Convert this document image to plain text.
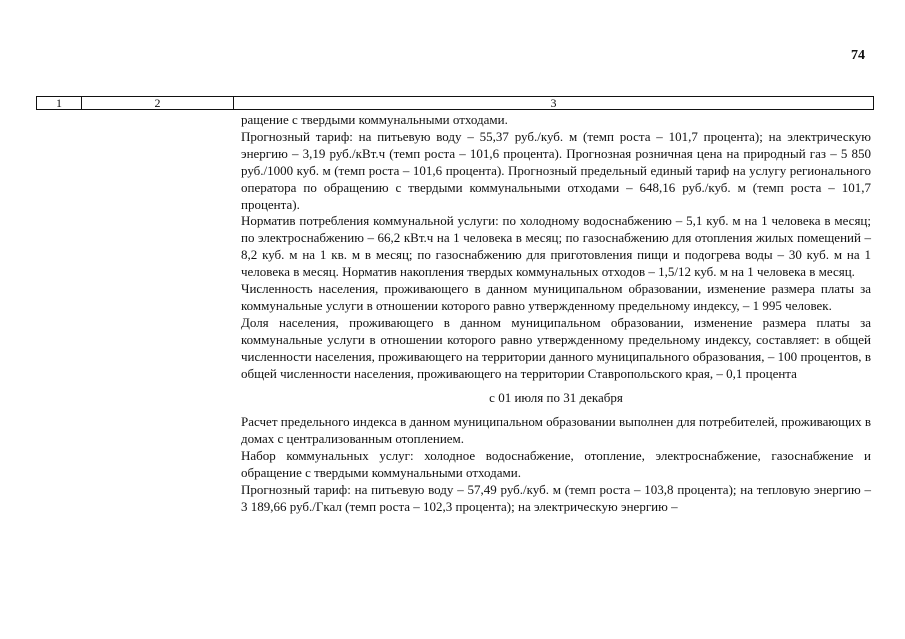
74
1	2	3

ращение с твердыми коммунальными отходами.

Прогнозный тариф: на питьевую воду – 55,37 руб./куб. м (темп роста – 101,7 процента); на электрическую энергию – 3,19 руб./кВт.ч (темп роста – 101,6 процента). Прогнозная розничная цена на природный газ – 5 850 руб./1000 куб. м (темп роста – 101,6 процента). Прогнозный предельный единый тариф на услугу регионального оператора по обращению с твердыми коммунальными отходами – 648,16 руб./куб. м (темп роста – 101,7 процента).

Норматив потребления коммунальной услуги: по холодному водоснабжению – 5,1 куб. м на 1 человека в месяц; по электроснабжению – 66,2 кВт.ч на 1 человека в месяц; по газоснабжению для отопления жилых помещений – 8,2 куб. м на 1 кв. м в месяц; по газоснабжению для приготовления пищи и подогрева воды – 30 куб. м на 1 человека в месяц. Норматив накопления твердых коммунальных отходов – 1,5/12 куб. м на 1 человека в месяц.

Численность населения, проживающего в данном муниципальном образовании, изменение размера платы за коммунальные услуги в отношении которого равно утвержденному предельному индексу, – 1 995 человек.

Доля населения, проживающего в данном муниципальном образовании, изменение размера платы за коммунальные услуги в отношении которого равно утвержденному предельному индексу, составляет: в общей численности населения, проживающего на территории данного муниципального образования, – 100 процентов, в общей численности населения, проживающего на территории Ставропольского края, – 0,1 процента

с 01 июля по 31 декабря

Расчет предельного индекса в данном муниципальном образовании выполнен для потребителей, проживающих в домах с централизованным отоплением.

Набор коммунальных услуг: холодное водоснабжение, отопление, электроснабжение, газоснабжение и обращение с твердыми коммунальными отходами.

Прогнозный тариф: на питьевую воду – 57,49 руб./куб. м (темп роста – 103,8 процента); на тепловую энергию – 3 189,66 руб./Гкал (темп роста – 102,3 процента); на электрическую энергию –
